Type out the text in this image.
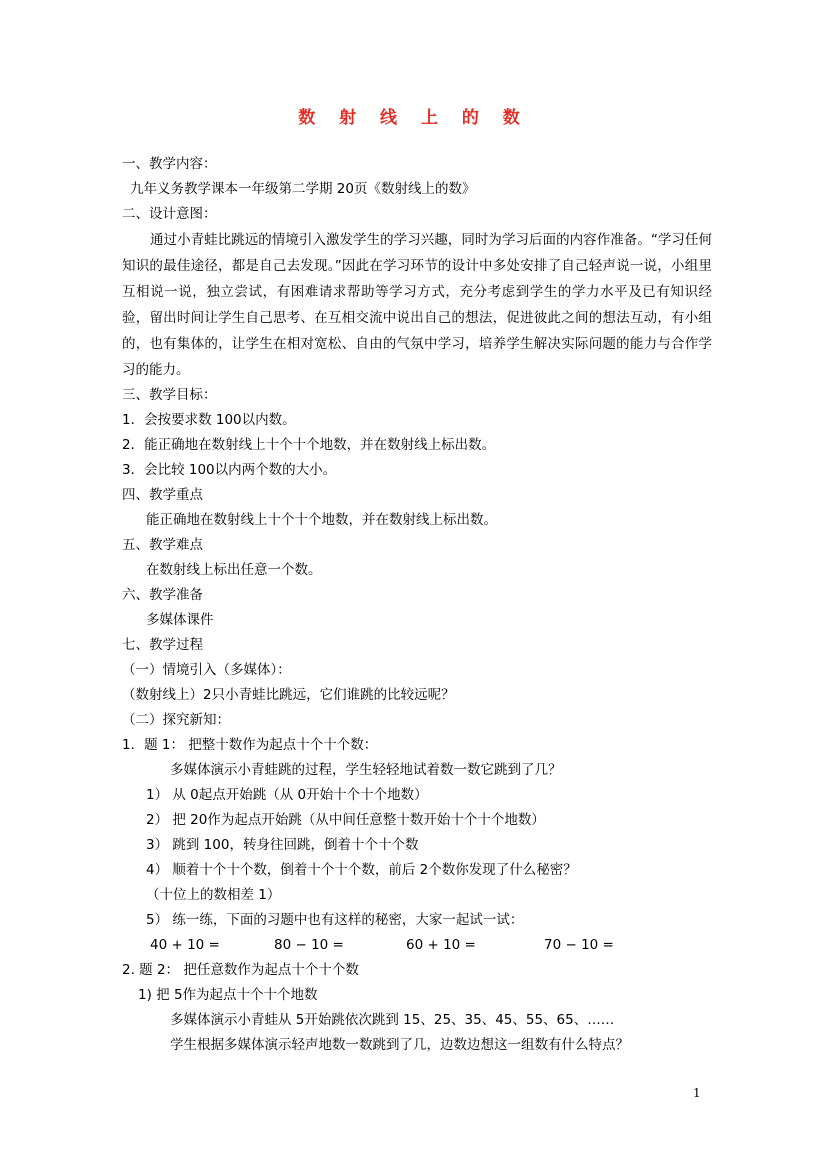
数 射 线 上 的 数
一、教学内容：
九年义务教学课本一年级第二学期 20页《数射线上的数》
二、设计意图：

通过小青蛙比跳远的情境引入激发学生的学习兴趣，同时为学习后面的内容作准备。“学习任何知识的最佳途径，都是自己去发现。”因此在学习环节的设计中多处安排了自己轻声说一说，小组里互相说一说，独立尝试，有困难请求帮助等学习方式，充分考虑到学生的学力水平及已有知识经验，留出时间让学生自己思考、在互相交流中说出自己的想法，促进彼此之间的想法互动，有小组的，也有集体的，让学生在相对宽松、自由的气氛中学习，培养学生解决实际问题的能力与合作学习的能力。

三、教学目标：
1．会按要求数 100以内数。
2．能正确地在数射线上十个十个地数，并在数射线上标出数。
3．会比较 100以内两个数的大小。
四、教学重点
能正确地在数射线上十个十个地数，并在数射线上标出数。
五、教学难点
在数射线上标出任意一个数。
六、教学准备
多媒体课件
七、教学过程
（一）情境引入（多媒体）：
（数射线上）2只小青蛙比跳远，它们谁跳的比较远呢？
（二）探究新知：
1．题 1： 把整十数作为起点十个十个数：
多媒体演示小青蛙跳的过程，学生轻轻地试着数一数它跳到了几？
1） 从 0起点开始跳（从 0开始十个十个地数）
2） 把 20作为起点开始跳（从中间任意整十数开始十个十个地数）
3） 跳到 100，转身往回跳，倒着十个十个数
4） 顺着十个十个数，倒着十个十个数，前后 2个数你发现了什么秘密？
（十位上的数相差 1）
5） 练一练，下面的习题中也有这样的秘密，大家一起试一试：
40 + 10 =	80 − 10 =	60 + 10 =	70 − 10 =
2. 题 2： 把任意数作为起点十个十个数
1) 把 5作为起点十个十个地数
多媒体演示小青蛙从 5开始跳依次跳到 15、25、35、45、55、65、……
学生根据多媒体演示轻声地数一数跳到了几，边数边想这一组数有什么特点？
1
